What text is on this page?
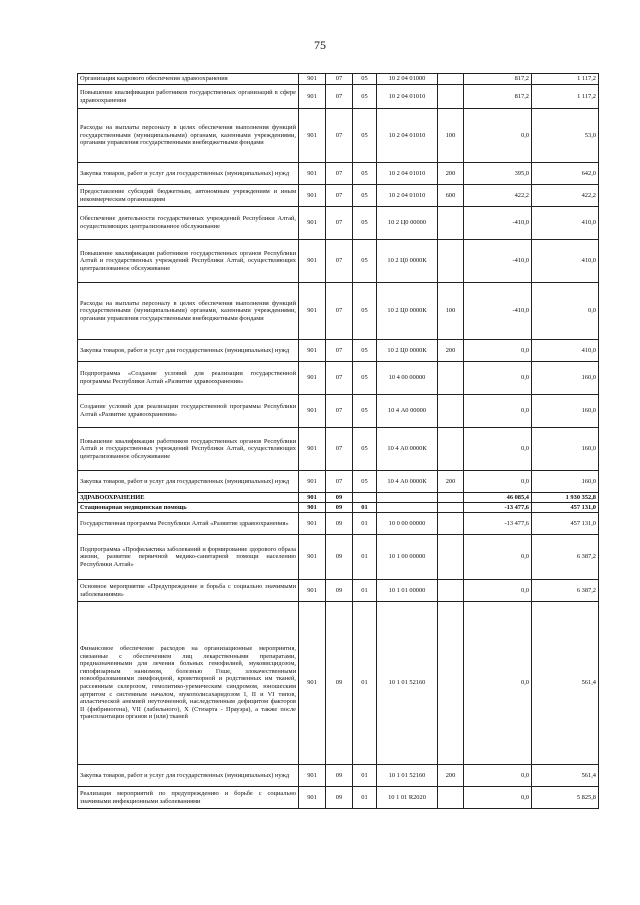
75
Организация кадрового обеспечения здравоохранения	901	07	05	10 2 04 01000		817,2	1 117,2
Повышение квалификации работников государственных организаций в сфере здравоохранения	901	07	05	10 2 04 01010		817,2	1 117,2
Расходы на выплаты персоналу в целях обеспечения выполнения функций государственными (муниципальными) органами, казенными учреждениями, органами управления государственными внебюджетными фондами	901	07	05	10 2 04 01010	100	0,0	53,0
Закупка товаров, работ и услуг для государственных (муниципальных) нужд	901	07	05	10 2 04 01010	200	395,0	642,0
Предоставление субсидий бюджетным, автономным учреждениям и иным некоммерческим организациям	901	07	05	10 2 04 01010	600	422,2	422,2
Обеспечение деятельности государственных учреждений Республики Алтай, осуществляющих централизованное обслуживание	901	07	05	10 2 Ц0 00000		-410,0	410,0
Повышение квалификации работников государственных органов Республики Алтай и государственных учреждений Республики Алтай, осуществляющих централизованное обслуживание	901	07	05	10 2 Ц0 0000К		-410,0	410,0
Расходы на выплаты персоналу в целях обеспечения выполнения функций государственными (муниципальными) органами, казенными учреждениями, органами управления государственными внебюджетными фондами	901	07	05	10 2 Ц0 0000К	100	-410,0	0,0
Закупка товаров, работ и услуг для государственных (муниципальных) нужд	901	07	05	10 2 Ц0 0000К	200	0,0	410,0
Подпрограмма «Создание условий для реализации государственной программы Республики Алтай «Развитие здравоохранения»	901	07	05	10 4 00 00000		0,0	160,0
Создание условий для реализации государственной программы Республики Алтай «Развитие здравоохранения»	901	07	05	10 4 А0 00000		0,0	160,0
Повышение квалификации работников государственных органов Республики Алтай и государственных учреждений Республики Алтай, осуществляющих централизованное обслуживание	901	07	05	10 4 А0 0000К		0,0	160,0
Закупка товаров, работ и услуг для государственных (муниципальных) нужд	901	07	05	10 4 А0 0000К	200	0,0	160,0
ЗДРАВООХРАНЕНИЕ	901	09				46 085,4	1 930 352,8
Стационарная медицинская помощь	901	09	01			-13 477,6	457 131,0
Государственная программа Республики Алтай «Развитие здравоохранения»	901	09	01	10 0 00 00000		-13 477,6	457 131,0
Подпрограмма «Профилактика заболеваний и формирование здорового образа жизни, развитие первичной медико-санитарной помощи населению Республики Алтай»	901	09	01	10 1 00 00000		0,0	6 387,2
Основное мероприятие «Предупреждение и борьба с социально значимыми заболеваниями»	901	09	01	10 1 01 00000		0,0	6 387,2
Финансовое обеспечение расходов на организационные мероприятия, связанные с обеспечением лиц лекарственными препаратами, предназначенными для лечения больных гемофилией, муковисцидозом, гипофизарным нанизмом, болезнью Гоше, злокачественными новообразованиями лимфоидной, кроветворной и родственных им тканей, рассеянным склерозом, гемолитико-уремическим синдромом, юношеским артритом с системным началом, мукополисахаридозом I, II и VI типов, апластической анемией неуточненной, наследственным дефицитом факторов II (фибриногена), VII (лабильного), X (Стюарта - Прауэра), а также после трансплантации органов и (или) тканей	901	09	01	10 1 01 52160		0,0	561,4
Закупка товаров, работ и услуг для государственных (муниципальных) нужд	901	09	01	10 1 01 52160	200	0,0	561,4
Реализация мероприятий по предупреждению и борьбе с социально значимыми инфекционными заболеваниями	901	09	01	10 1 01 R2020		0,0	5 825,8
